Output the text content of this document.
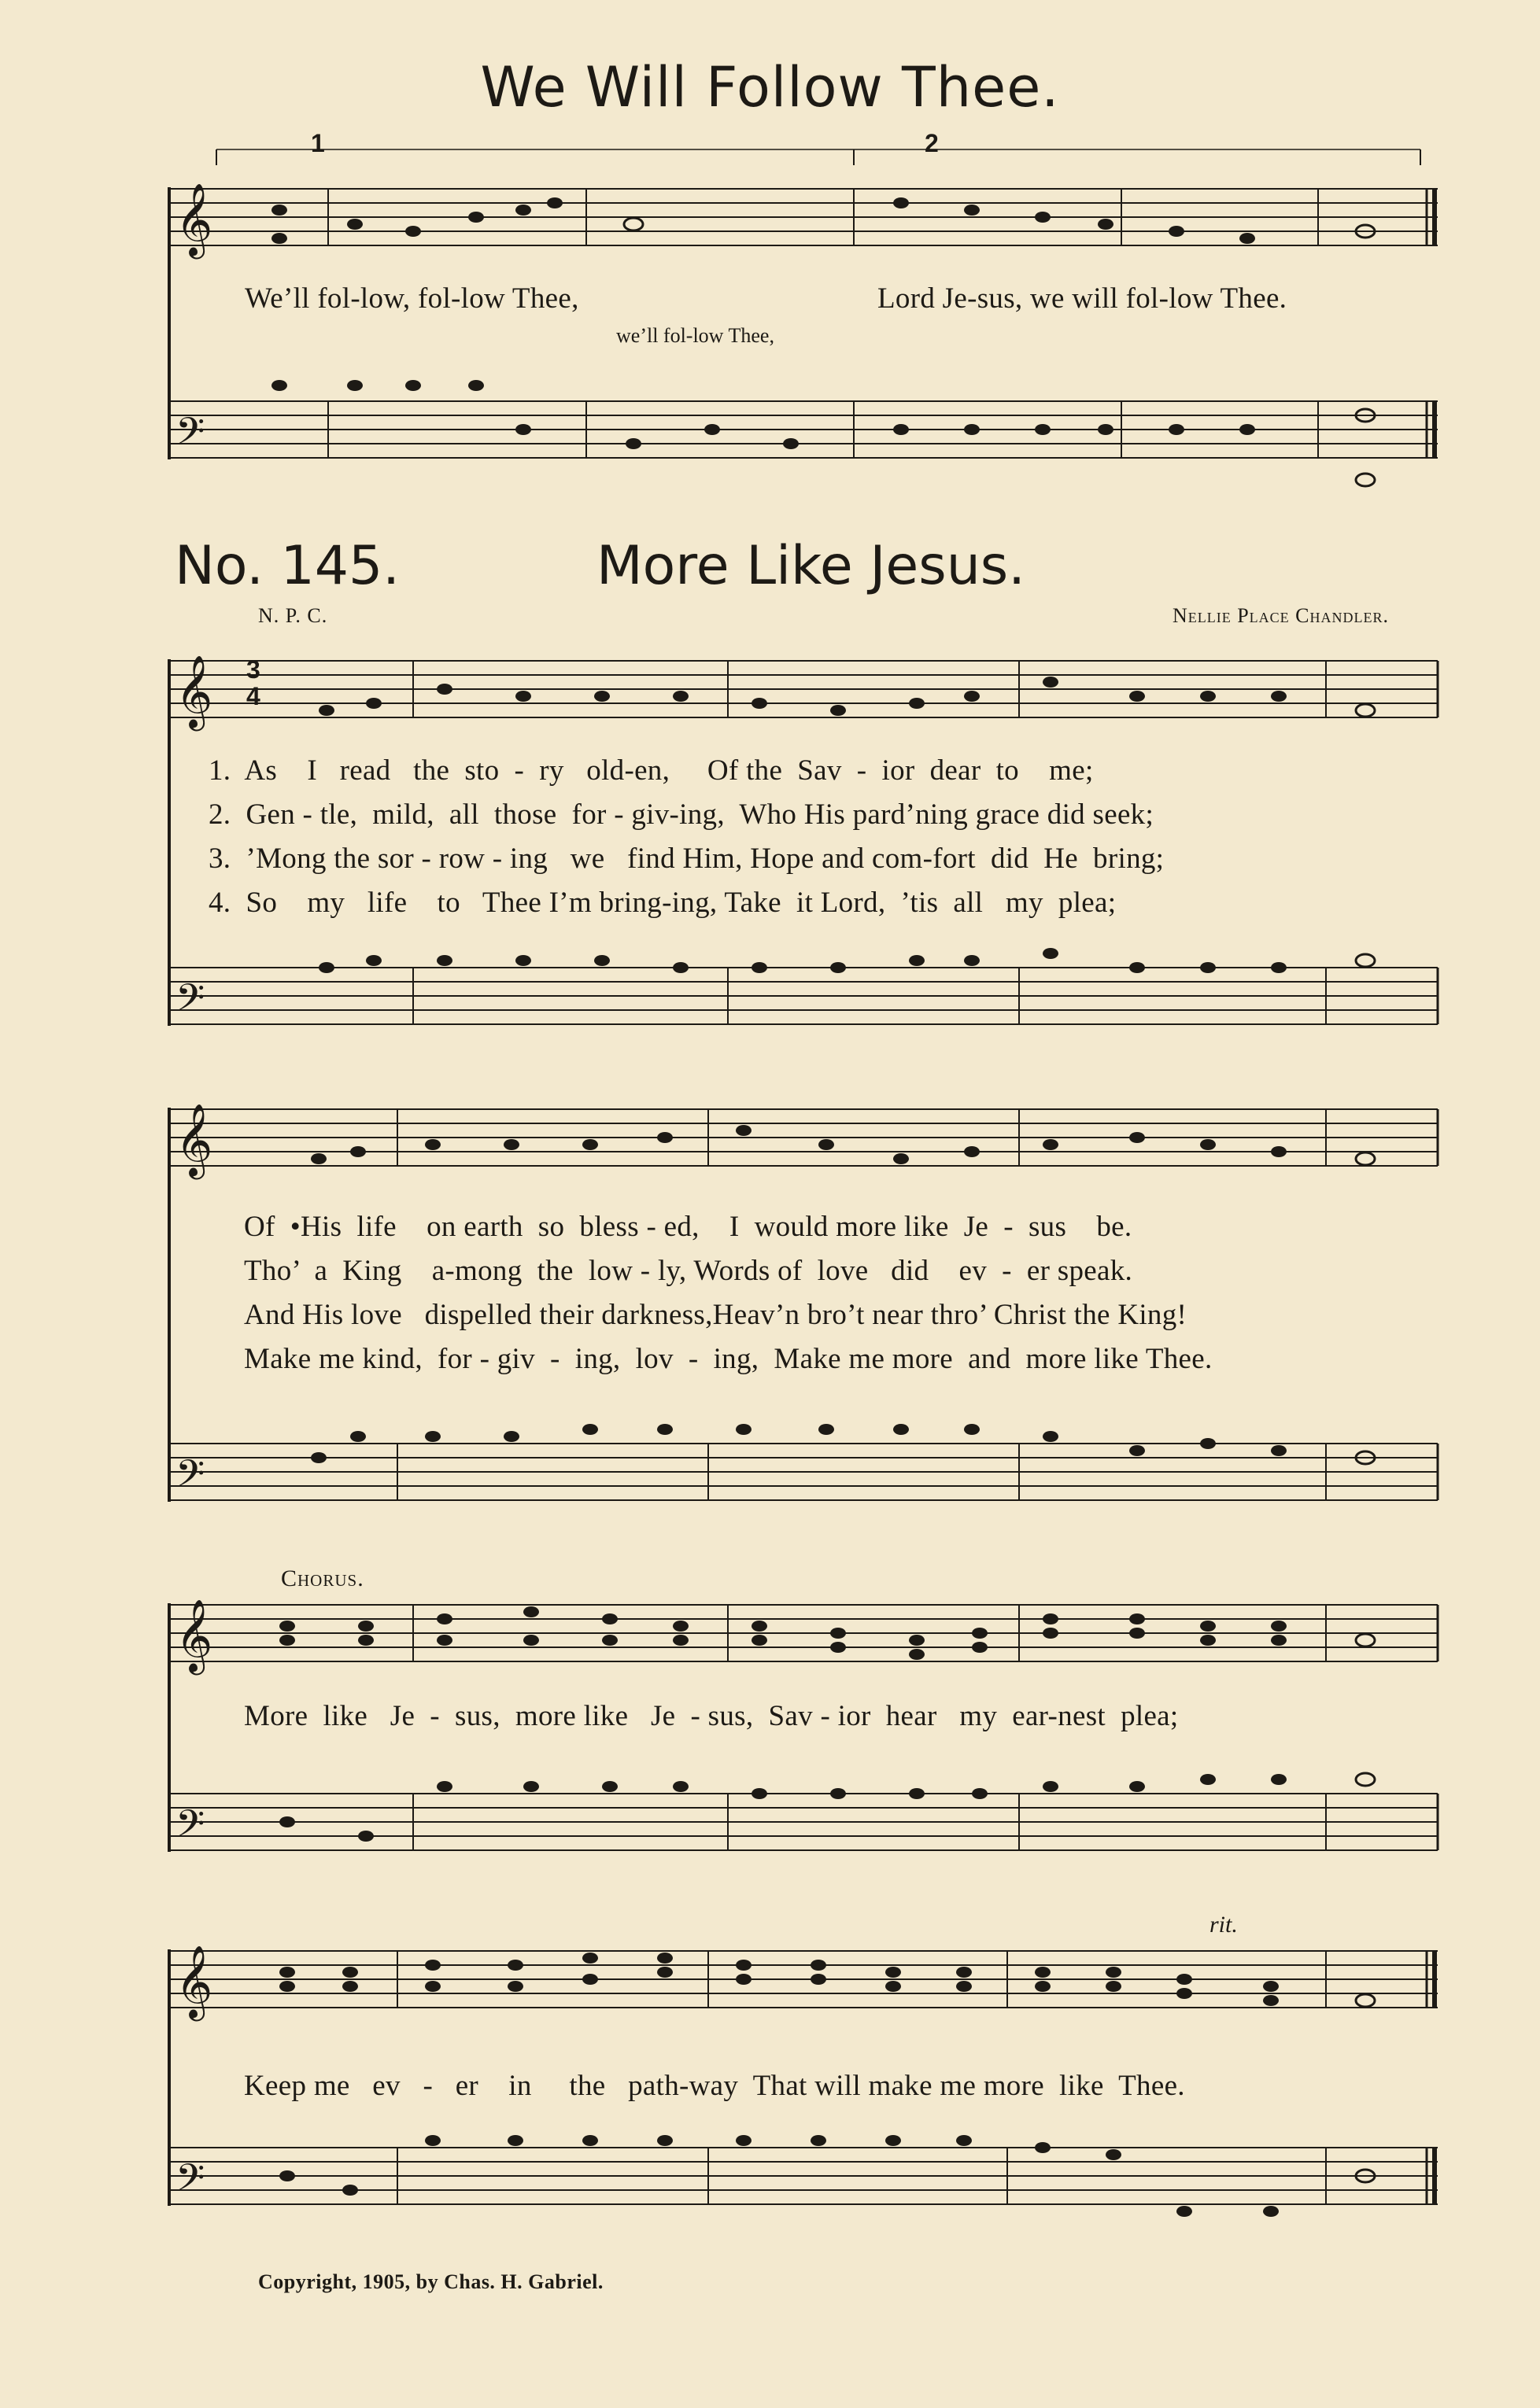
We Will Follow Thee.
𝄞
𝄢
1	2
We’ll fol-low, fol-low Thee,	Lord Je-sus, we will fol-low Thee.
we’ll fol-low Thee,
No. 145.	More Like Jesus.
N. P. C.	Nellie Place Chandler.
𝄞
𝄢
3
4
1.  As    I   read   the  sto  -  ry   old-en,     Of the  Sav  -  ior  dear  to    me;
2.  Gen - tle,  mild,  all  those  for - giv-ing,  Who His pard’ning grace did seek;
3.  ’Mong the sor - row - ing   we   find Him, Hope and com-fort  did  He  bring;
4.  So    my   life    to   Thee I’m bring-ing, Take  it Lord,  ’tis  all   my  plea;
𝄞
𝄢
Of  •His  life    on earth  so  bless - ed,    I  would more like  Je  -  sus    be.
Tho’  a  King    a-mong  the  low - ly, Words of  love   did    ev  -  er speak.
And His love   dispelled their darkness,Heav’n bro’t near thro’ Christ the King!
Make me kind,  for - giv  -  ing,  lov  -  ing,  Make me more  and  more like Thee.
𝄞
𝄢
Chorus.
More  like   Je  -  sus,  more like   Je  - sus,  Sav - ior  hear   my  ear-nest  plea;
𝄞
𝄢
rit.
Keep me   ev   -   er    in     the   path-way  That will make me more  like  Thee.
Copyright, 1905, by Chas. H. Gabriel.
